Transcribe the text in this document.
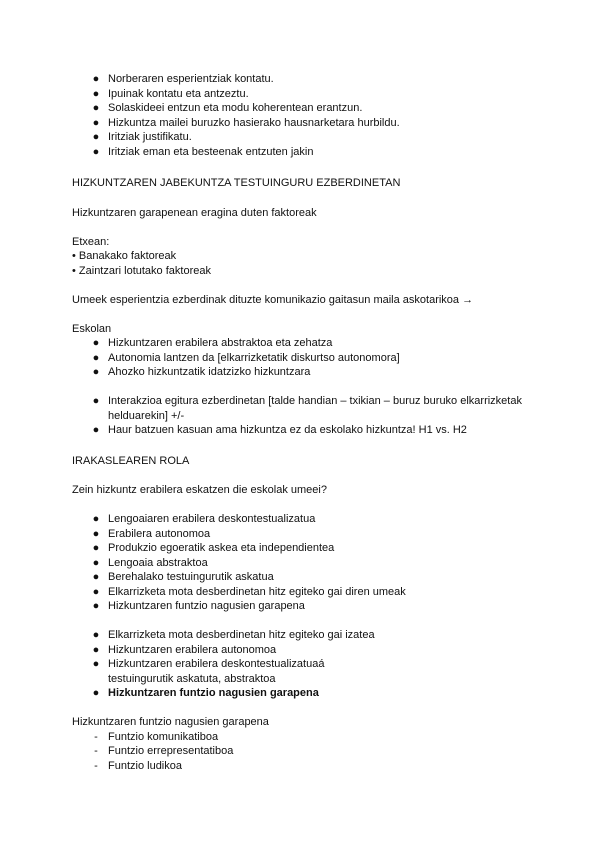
● Norberaren esperientziak kontatu.
● Ipuinak kontatu eta antzeztu.
● Solaskideei entzun eta modu koherentean erantzun.
● Hizkuntza mailei buruzko hasierako hausnarketara hurbildu.
● Iritziak justifikatu.
● Iritziak eman eta besteenak entzuten jakin
HIZKUNTZAREN JABEKUNTZA TESTUINGURU EZBERDINETAN
Hizkuntzaren garapenean eragina duten faktoreak
Etxean:
• Banakako faktoreak
• Zaintzari lotutako faktoreak
Umeek esperientzia ezberdinak dituzte komunikazio gaitasun maila askotarikoa →
Eskolan
● Hizkuntzaren erabilera abstraktoa eta zehatza
● Autonomia lantzen da [elkarrizketatik diskurtso autonomora]
● Ahozko hizkuntzatik idatzizko hizkuntzara
● Interakzioa egitura ezberdinetan [talde handian – txikian – buruz buruko elkarrizketak
helduarekin] +/-
● Haur batzuen kasuan ama hizkuntza ez da eskolako hizkuntza! H1 vs. H2
IRAKASLEAREN ROLA
Zein hizkuntz erabilera eskatzen die eskolak umeei?
● Lengoaiaren erabilera deskontestualizatua
● Erabilera autonomoa
● Produkzio egoeratik askea eta independientea
● Lengoaia abstraktoa
● Berehalako testuingurutik askatua
● Elkarrizketa mota desberdinetan hitz egiteko gai diren umeak
● Hizkuntzaren funtzio nagusien garapena
● Elkarrizketa mota desberdinetan hitz egiteko gai izatea
● Hizkuntzaren erabilera autonomoa
● Hizkuntzaren erabilera deskontestualizatuaá
testuingurutik askatuta, abstraktoa
● Hizkuntzaren funtzio nagusien garapena
Hizkuntzaren funtzio nagusien garapena
- Funtzio komunikatiboa
- Funtzio errepresentatiboa
- Funtzio ludikoa
